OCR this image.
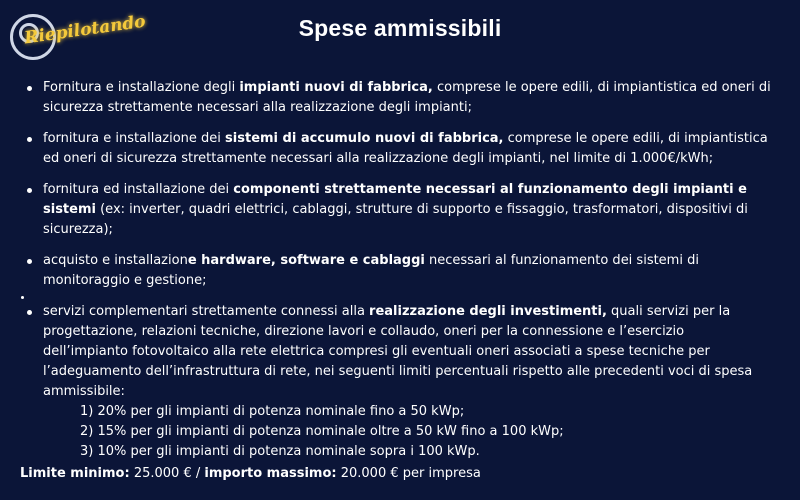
Riepilotando	Spese ammissibili
Fornitura e installazione degli impianti nuovi di fabbrica, comprese le opere edili, di impiantistica ed oneri di sicurezza strettamente necessari alla realizzazione degli impianti;
fornitura e installazione dei sistemi di accumulo nuovi di fabbrica, comprese le opere edili, di impiantistica ed oneri di sicurezza strettamente necessari alla realizzazione degli impianti, nel limite di 1.000€/kWh;
fornitura ed installazione dei componenti strettamente necessari al funzionamento degli impianti e sistemi (ex: inverter, quadri elettrici, cablaggi, strutture di supporto e fissaggio, trasformatori, dispositivi di sicurezza);
acquisto e installazione hardware, software e cablaggi necessari al funzionamento dei sistemi di monitoraggio e gestione;
servizi complementari strettamente connessi alla realizzazione degli investimenti, quali servizi per la progettazione, relazioni tecniche, direzione lavori e collaudo, oneri per la connessione e l’esercizio dell’impianto fotovoltaico alla rete elettrica compresi gli eventuali oneri associati a spese tecniche per l’adeguamento dell’infrastruttura di rete, nei seguenti limiti percentuali rispetto alle precedenti voci di spesa ammissibile:
1) 20% per gli impianti di potenza nominale fino a 50 kWp;
2) 15% per gli impianti di potenza nominale oltre a 50 kW fino a 100 kWp;
3) 10% per gli impianti di potenza nominale sopra i 100 kWp.
Limite minimo: 25.000 € / importo massimo: 20.000 € per impresa
